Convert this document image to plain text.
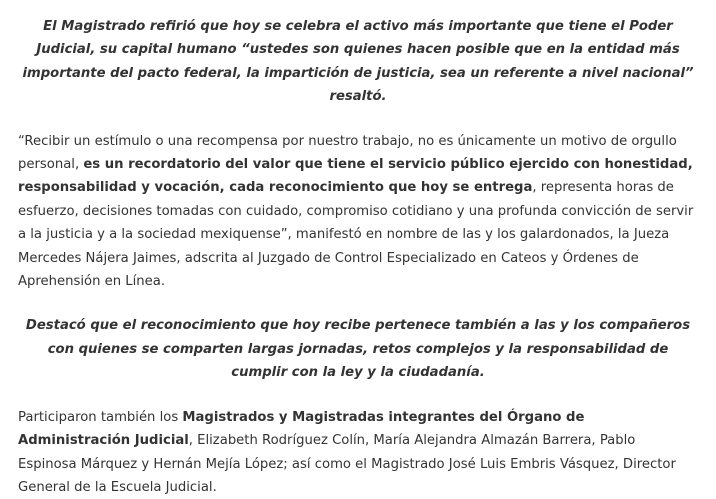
El Magistrado refirió que hoy se celebra el activo más importante que tiene el Poder Judicial, su capital humano “ustedes son quienes hacen posible que en la entidad más importante del pacto federal, la impartición de justicia, sea un referente a nivel nacional” resaltó.

“Recibir un estímulo o una recompensa por nuestro trabajo, no es únicamente un motivo de orgullo personal, es un recordatorio del valor que tiene el servicio público ejercido con honestidad, responsabilidad y vocación, cada reconocimiento que hoy se entrega, representa horas de esfuerzo, decisiones tomadas con cuidado, compromiso cotidiano y una profunda convicción de servir a la justicia y a la sociedad mexiquense”, manifestó en nombre de las y los galardonados, la Jueza Mercedes Nájera Jaimes, adscrita al Juzgado de Control Especializado en Cateos y Órdenes de Aprehensión en Línea.

Destacó que el reconocimiento que hoy recibe pertenece también a las y los compañeros con quienes se comparten largas jornadas, retos complejos y la responsabilidad de cumplir con la ley y la ciudadanía.

Participaron también los Magistrados y Magistradas integrantes del Órgano de Administración Judicial, Elizabeth Rodríguez Colín, María Alejandra Almazán Barrera, Pablo Espinosa Márquez y Hernán Mejía López; así como el Magistrado José Luis Embris Vásquez, Director General de la Escuela Judicial.
